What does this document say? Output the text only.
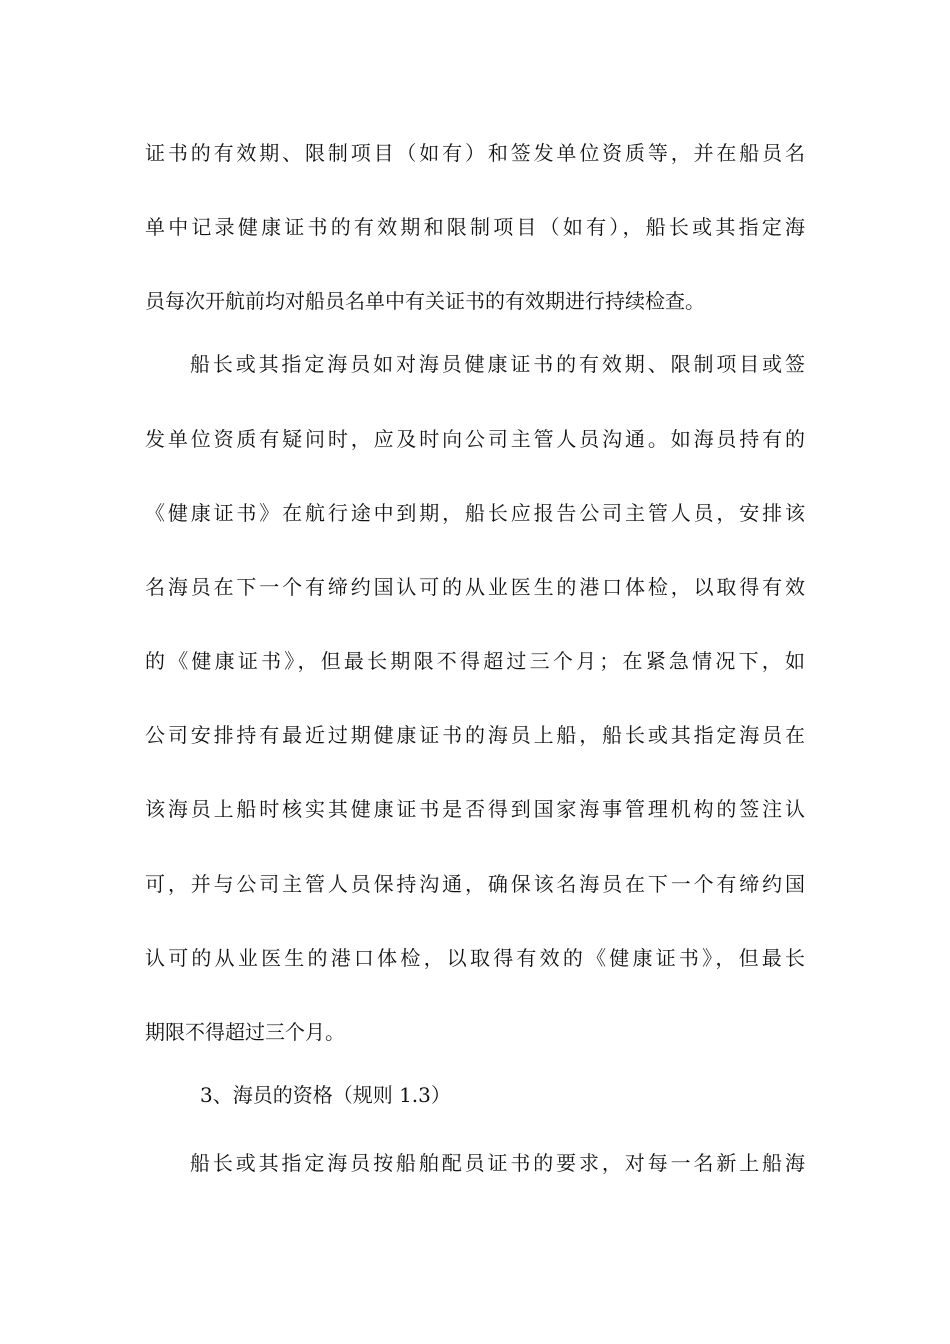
证书的有效期、限制项目（如有）和签发单位资质等，并在船员名
单中记录健康证书的有效期和限制项目（如有），船长或其指定海
员每次开航前均对船员名单中有关证书的有效期进行持续检查。
船长或其指定海员如对海员健康证书的有效期、限制项目或签
发单位资质有疑问时，应及时向公司主管人员沟通。如海员持有的
《健康证书》在航行途中到期，船长应报告公司主管人员，安排该
名海员在下一个有缔约国认可的从业医生的港口体检，以取得有效
的《健康证书》，但最长期限不得超过三个月；在紧急情况下，如
公司安排持有最近过期健康证书的海员上船，船长或其指定海员在
该海员上船时核实其健康证书是否得到国家海事管理机构的签注认
可，并与公司主管人员保持沟通，确保该名海员在下一个有缔约国
认可的从业医生的港口体检，以取得有效的《健康证书》，但最长
期限不得超过三个月。
3、海员的资格（规则 1.3）
船长或其指定海员按船舶配员证书的要求，对每一名新上船海
